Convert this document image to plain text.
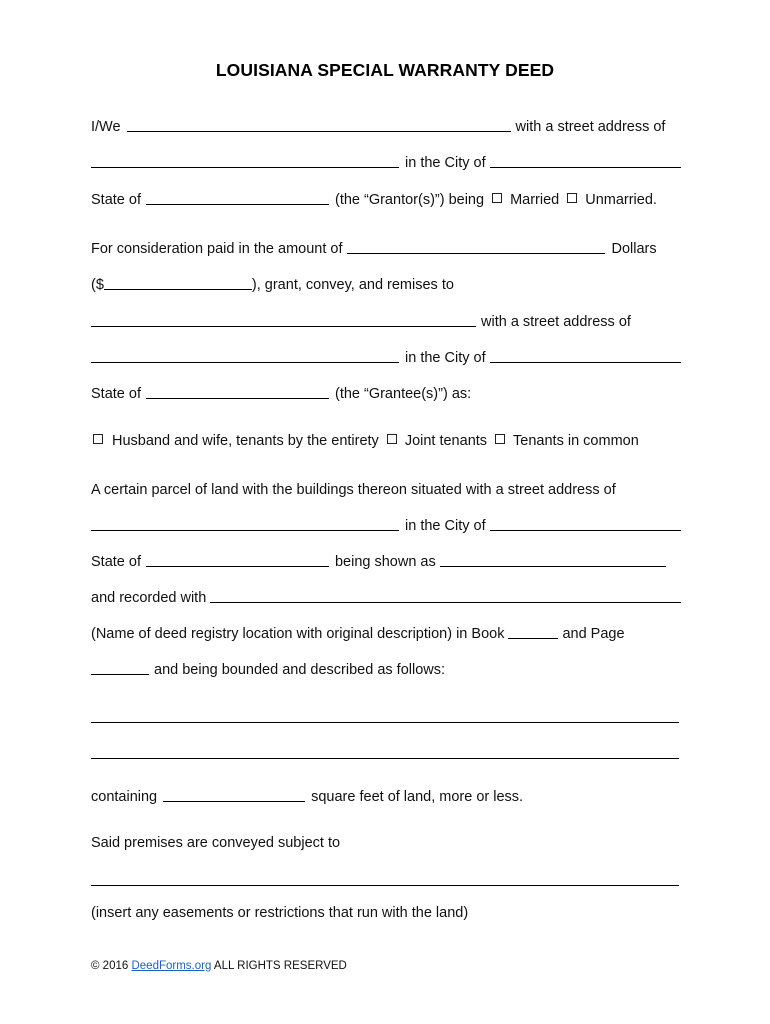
LOUISIANA SPECIAL WARRANTY DEED
I/We	with a street address of
in the City of
State of	(the “Grantor(s)”) being Married Unmarried.
For consideration paid in the amount of	Dollars
($	), grant, convey, and remises to
with a street address of
in the City of
State of	(the “Grantee(s)”) as:
Husband and wife, tenants by the entirety Joint tenants Tenants in common
A certain parcel of land with the buildings thereon situated with a street address of
in the City of
State of	being shown as
and recorded with
(Name of deed registry location with original description) in Book	and Page
and being bounded and described as follows:
containing	square feet of land, more or less.
Said premises are conveyed subject to
(insert any easements or restrictions that run with the land)
© 2016 DeedForms.org ALL RIGHTS RESERVED
